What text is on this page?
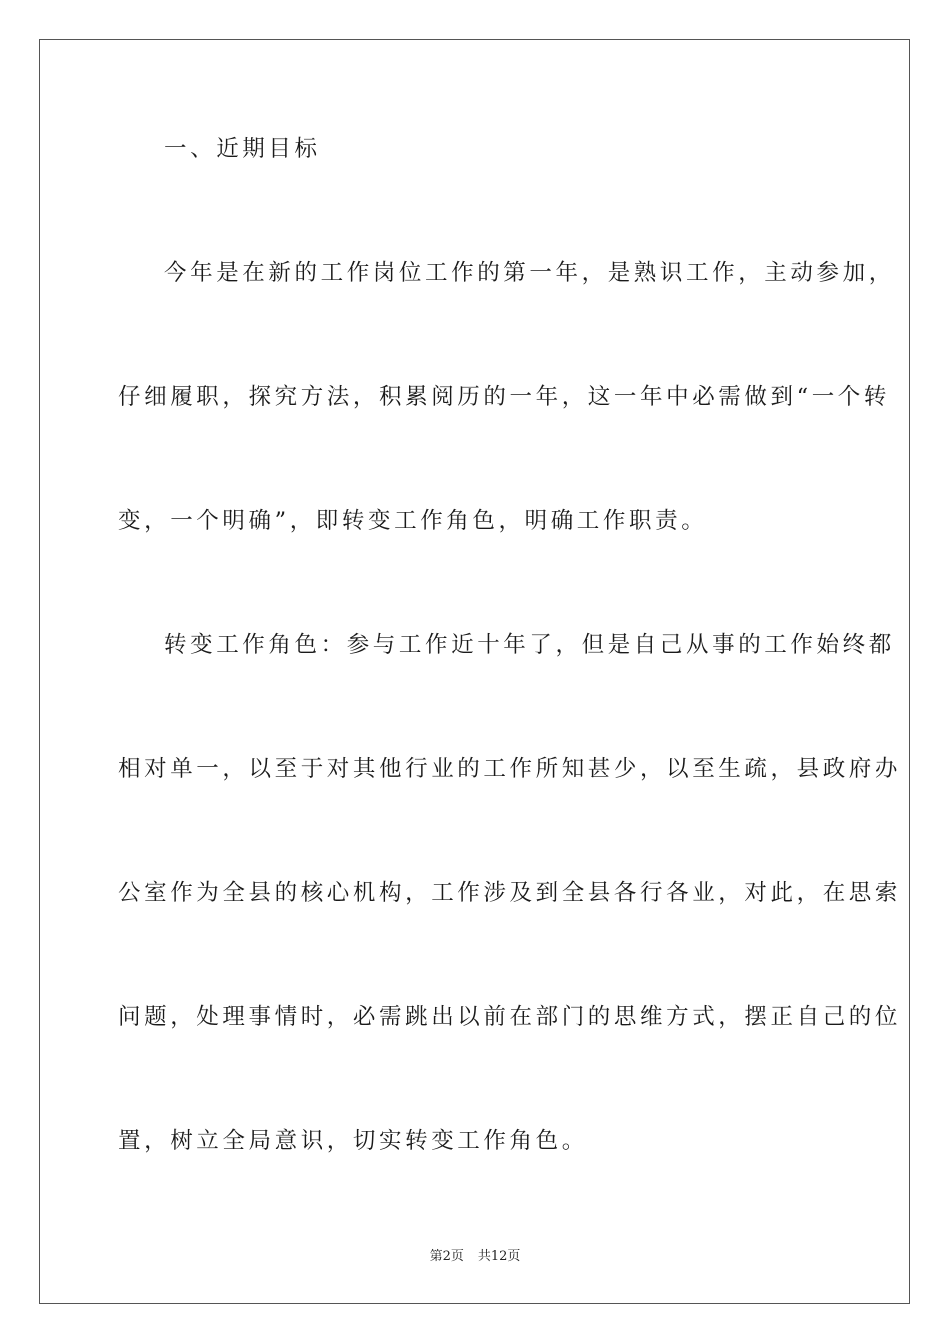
一、近期目标
今年是在新的工作岗位工作的第一年，是熟识工作，主动参加，
仔细履职，探究方法，积累阅历的一年，这一年中必需做到“一个转
变，一个明确”，即转变工作角色，明确工作职责。
转变工作角色：参与工作近十年了，但是自己从事的工作始终都
相对单一，以至于对其他行业的工作所知甚少，以至生疏，县政府办
公室作为全县的核心机构，工作涉及到全县各行各业，对此，在思索
问题，处理事情时，必需跳出以前在部门的思维方式，摆正自己的位
置，树立全局意识，切实转变工作角色。
第2页 共12页
